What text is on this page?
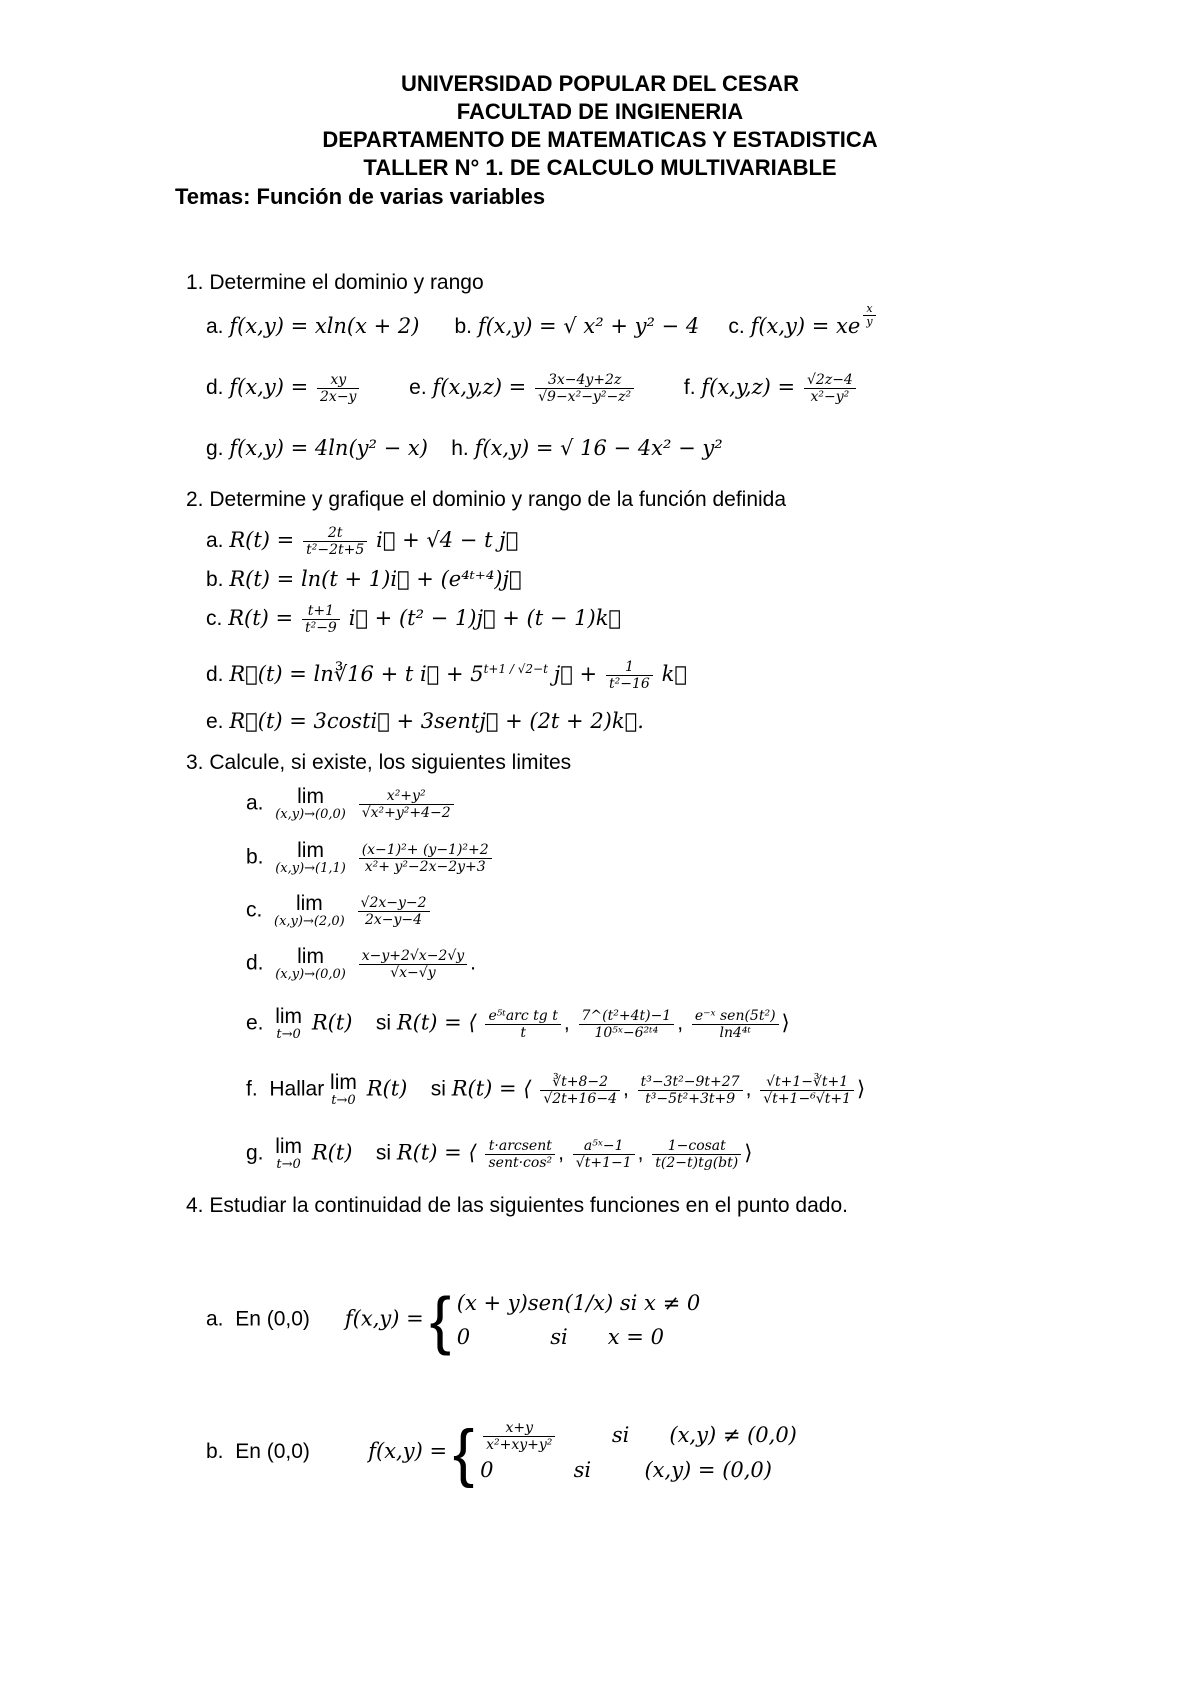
UNIVERSIDAD POPULAR DEL CESAR
FACULTAD DE INGIENERIA
DEPARTAMENTO DE MATEMATICAS Y ESTADISTICA
TALLER N° 1. DE CALCULO MULTIVARIABLE
Temas: Función de varias variables
1. Determine el dominio y rango
a. f(x,y) = xln(x + 2) b. f(x,y) = √ x² + y² − 4 c. f(x,y) = xe $\frac{x}{y}$
d. $f(x,y) = \frac{xy}{2x-y} e$. $f(x,y,z) = \frac{3x-4y+2z}{\text{√9−x²−y²−z²}} f$. $f(x,y,z) = \frac{√2z-4}{\text{x²−y²}}$
g. f(x,y) = 4ln(y² − x) h. f(x,y) = √ 16 − 4x² − y²
2. Determine y grafique el dominio y rango de la función definida
a. $R(t) = \frac{2t}{\text{t²−2t+5}}$ i⃗ + √4 − t j⃗
b. R(t) = ln(t + 1)i⃗ + (e⁴ᵗ⁺⁴)j⃗
c. $R(t) = \frac{t+1}{\text{t²−9}}$ i⃗ + (t² − 1)j⃗ + (t − 1)k⃗
d. R⃗(t) = ln∛16 + t i⃗ + $5^{t+1 / √2-t}$ j⃗ + $\frac{1}{\text{t²−16}}$ k⃗
e. R⃗(t) = 3costi⃗ + 3sentj⃗ + (2t + 2)k⃗.
3. Calcule, si existe, los siguientes limites
a. lim
(x,y)→(0,0)
$\frac{\text{x²+y²}}{\text{√x²+y²+4−2}}$
b. lim
(x,y)→(1,1)
$\frac{\text{(x−1)²+ (y−1)²+2}}{\text{x²+ y²−2x−2y+3}}$
c. lim
(x,y)→(2,0)
$\frac{√2x-y-2}{2x-y-4}$
d. lim
(x,y)→(0,0)
$\frac{x-y+2√x-2√y}{√x-√y}$ .
e. lim
t→0 R(t) si R(t) = ⟨ $\frac{\text{e⁵ᵗarc tg t}}{t}$ , $\frac{\text{7\textasciicircum{}(t²+4t)−1}}{\text{10⁵ˣ−6²ᵗ⁴}}$ , $\frac{\text{e⁻ˣ sen(5t²)}}{\text{ln4⁴ᵗ}}$ ⟩
f. Hallar lim
t→0 R(t) si R(t) = ⟨ $\frac{∛t+8-2}{√2t+16-4}$ , $\frac{\text{t³−3t²−9t+27}}{\text{t³−5t²+3t+9}}$ , $\frac{√t+1-∛t+1}{\text{√t+1−⁶√t+1}}$ ⟩
g. lim
t→0 R(t) si R(t) = ⟨ $\frac{\text{t·arcsent}}{\text{sent·cos²}}$ , $\frac{\text{a⁵ˣ−1}}{√t+1-1}$ , $\frac{\text{1−cosat}}{t(2-t)tg(bt)}$ ⟩
4. Estudiar la continuidad de las siguientes funciones en el punto dado.
a. En (0,0) f(x,y) = { (x + y)sen(1/x) si x ≠ 0
0            si      x = 0
b. En (0,0)	f(x,y) = { $\frac{x+y}{\text{x²+xy+y²}}$	si      (x,y) ≠ (0,0)
0            si        (x,y) = (0,0)
